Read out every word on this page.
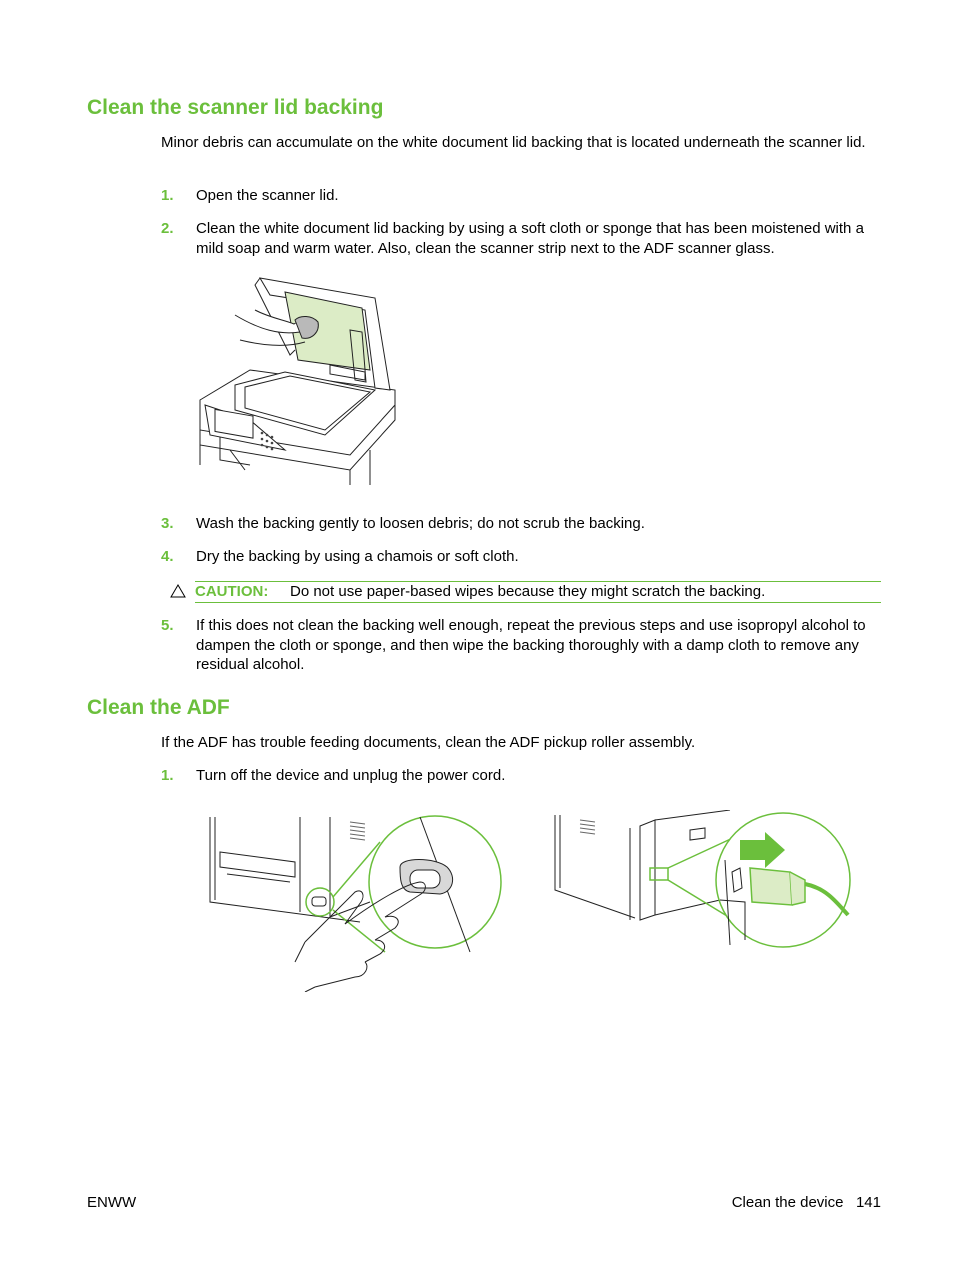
Clean the scanner lid backing

Minor debris can accumulate on the white document lid backing that is located underneath the scanner lid.

1. Open the scanner lid.
2. Clean the white document lid backing by using a soft cloth or sponge that has been moistened with a mild soap and warm water. Also, clean the scanner strip next to the ADF scanner glass.
3. Wash the backing gently to loosen debris; do not scrub the backing.
4. Dry the backing by using a chamois or soft cloth.
CAUTION: Do not use paper-based wipes because they might scratch the backing.
5. If this does not clean the backing well enough, repeat the previous steps and use isopropyl alcohol to dampen the cloth or sponge, and then wipe the backing thoroughly with a damp cloth to remove any residual alcohol.
Clean the ADF

If the ADF has trouble feeding documents, clean the ADF pickup roller assembly.

1. Turn off the device and unplug the power cord.
ENWW	Clean the device   141
